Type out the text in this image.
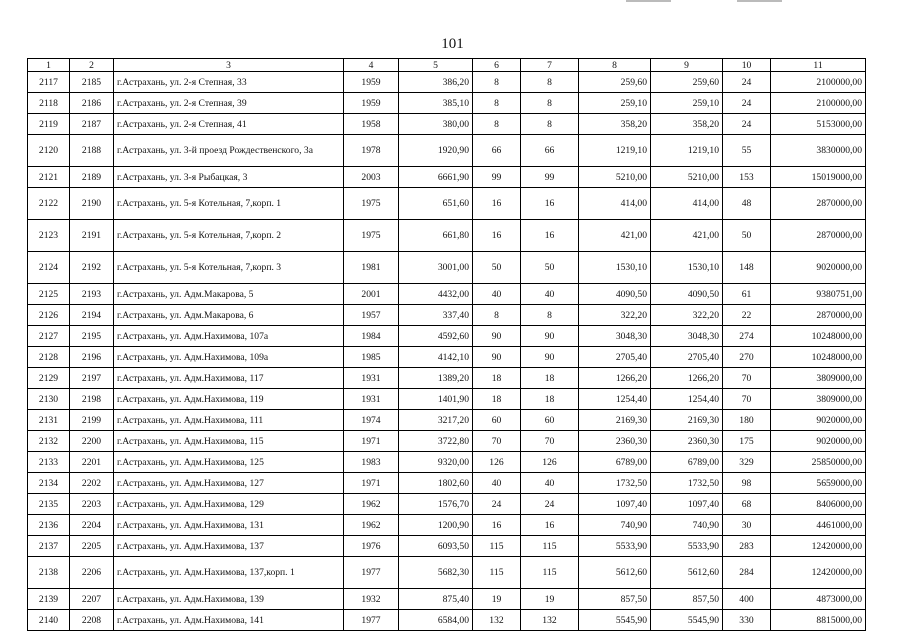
101
1	2	3	4	5	6	7	8	9	10	11
2117	2185	г.Астрахань, ул. 2-я Степная, 33	1959	386,20	8	8	259,60	259,60	24	2100000,00
2118	2186	г.Астрахань, ул. 2-я Степная, 39	1959	385,10	8	8	259,10	259,10	24	2100000,00
2119	2187	г.Астрахань, ул. 2-я Степная, 41	1958	380,00	8	8	358,20	358,20	24	5153000,00
2120	2188	г.Астрахань, ул. 3-й проезд Рождественского, 3а	1978	1920,90	66	66	1219,10	1219,10	55	3830000,00
2121	2189	г.Астрахань, ул. 3-я Рыбацкая, 3	2003	6661,90	99	99	5210,00	5210,00	153	15019000,00
2122	2190	г.Астрахань, ул. 5-я Котельная, 7,корп. 1	1975	651,60	16	16	414,00	414,00	48	2870000,00
2123	2191	г.Астрахань, ул. 5-я Котельная, 7,корп. 2	1975	661,80	16	16	421,00	421,00	50	2870000,00
2124	2192	г.Астрахань, ул. 5-я Котельная, 7,корп. 3	1981	3001,00	50	50	1530,10	1530,10	148	9020000,00
2125	2193	г.Астрахань, ул. Адм.Макарова, 5	2001	4432,00	40	40	4090,50	4090,50	61	9380751,00
2126	2194	г.Астрахань, ул. Адм.Макарова, 6	1957	337,40	8	8	322,20	322,20	22	2870000,00
2127	2195	г.Астрахань, ул. Адм.Нахимова, 107а	1984	4592,60	90	90	3048,30	3048,30	274	10248000,00
2128	2196	г.Астрахань, ул. Адм.Нахимова, 109а	1985	4142,10	90	90	2705,40	2705,40	270	10248000,00
2129	2197	г.Астрахань, ул. Адм.Нахимова, 117	1931	1389,20	18	18	1266,20	1266,20	70	3809000,00
2130	2198	г.Астрахань, ул. Адм.Нахимова, 119	1931	1401,90	18	18	1254,40	1254,40	70	3809000,00
2131	2199	г.Астрахань, ул. Адм.Нахимова, 111	1974	3217,20	60	60	2169,30	2169,30	180	9020000,00
2132	2200	г.Астрахань, ул. Адм.Нахимова, 115	1971	3722,80	70	70	2360,30	2360,30	175	9020000,00
2133	2201	г.Астрахань, ул. Адм.Нахимова, 125	1983	9320,00	126	126	6789,00	6789,00	329	25850000,00
2134	2202	г.Астрахань, ул. Адм.Нахимова, 127	1971	1802,60	40	40	1732,50	1732,50	98	5659000,00
2135	2203	г.Астрахань, ул. Адм.Нахимова, 129	1962	1576,70	24	24	1097,40	1097,40	68	8406000,00
2136	2204	г.Астрахань, ул. Адм.Нахимова, 131	1962	1200,90	16	16	740,90	740,90	30	4461000,00
2137	2205	г.Астрахань, ул. Адм.Нахимова, 137	1976	6093,50	115	115	5533,90	5533,90	283	12420000,00
2138	2206	г.Астрахань, ул. Адм.Нахимова, 137,корп. 1	1977	5682,30	115	115	5612,60	5612,60	284	12420000,00
2139	2207	г.Астрахань, ул. Адм.Нахимова, 139	1932	875,40	19	19	857,50	857,50	400	4873000,00
2140	2208	г.Астрахань, ул. Адм.Нахимова, 141	1977	6584,00	132	132	5545,90	5545,90	330	8815000,00
